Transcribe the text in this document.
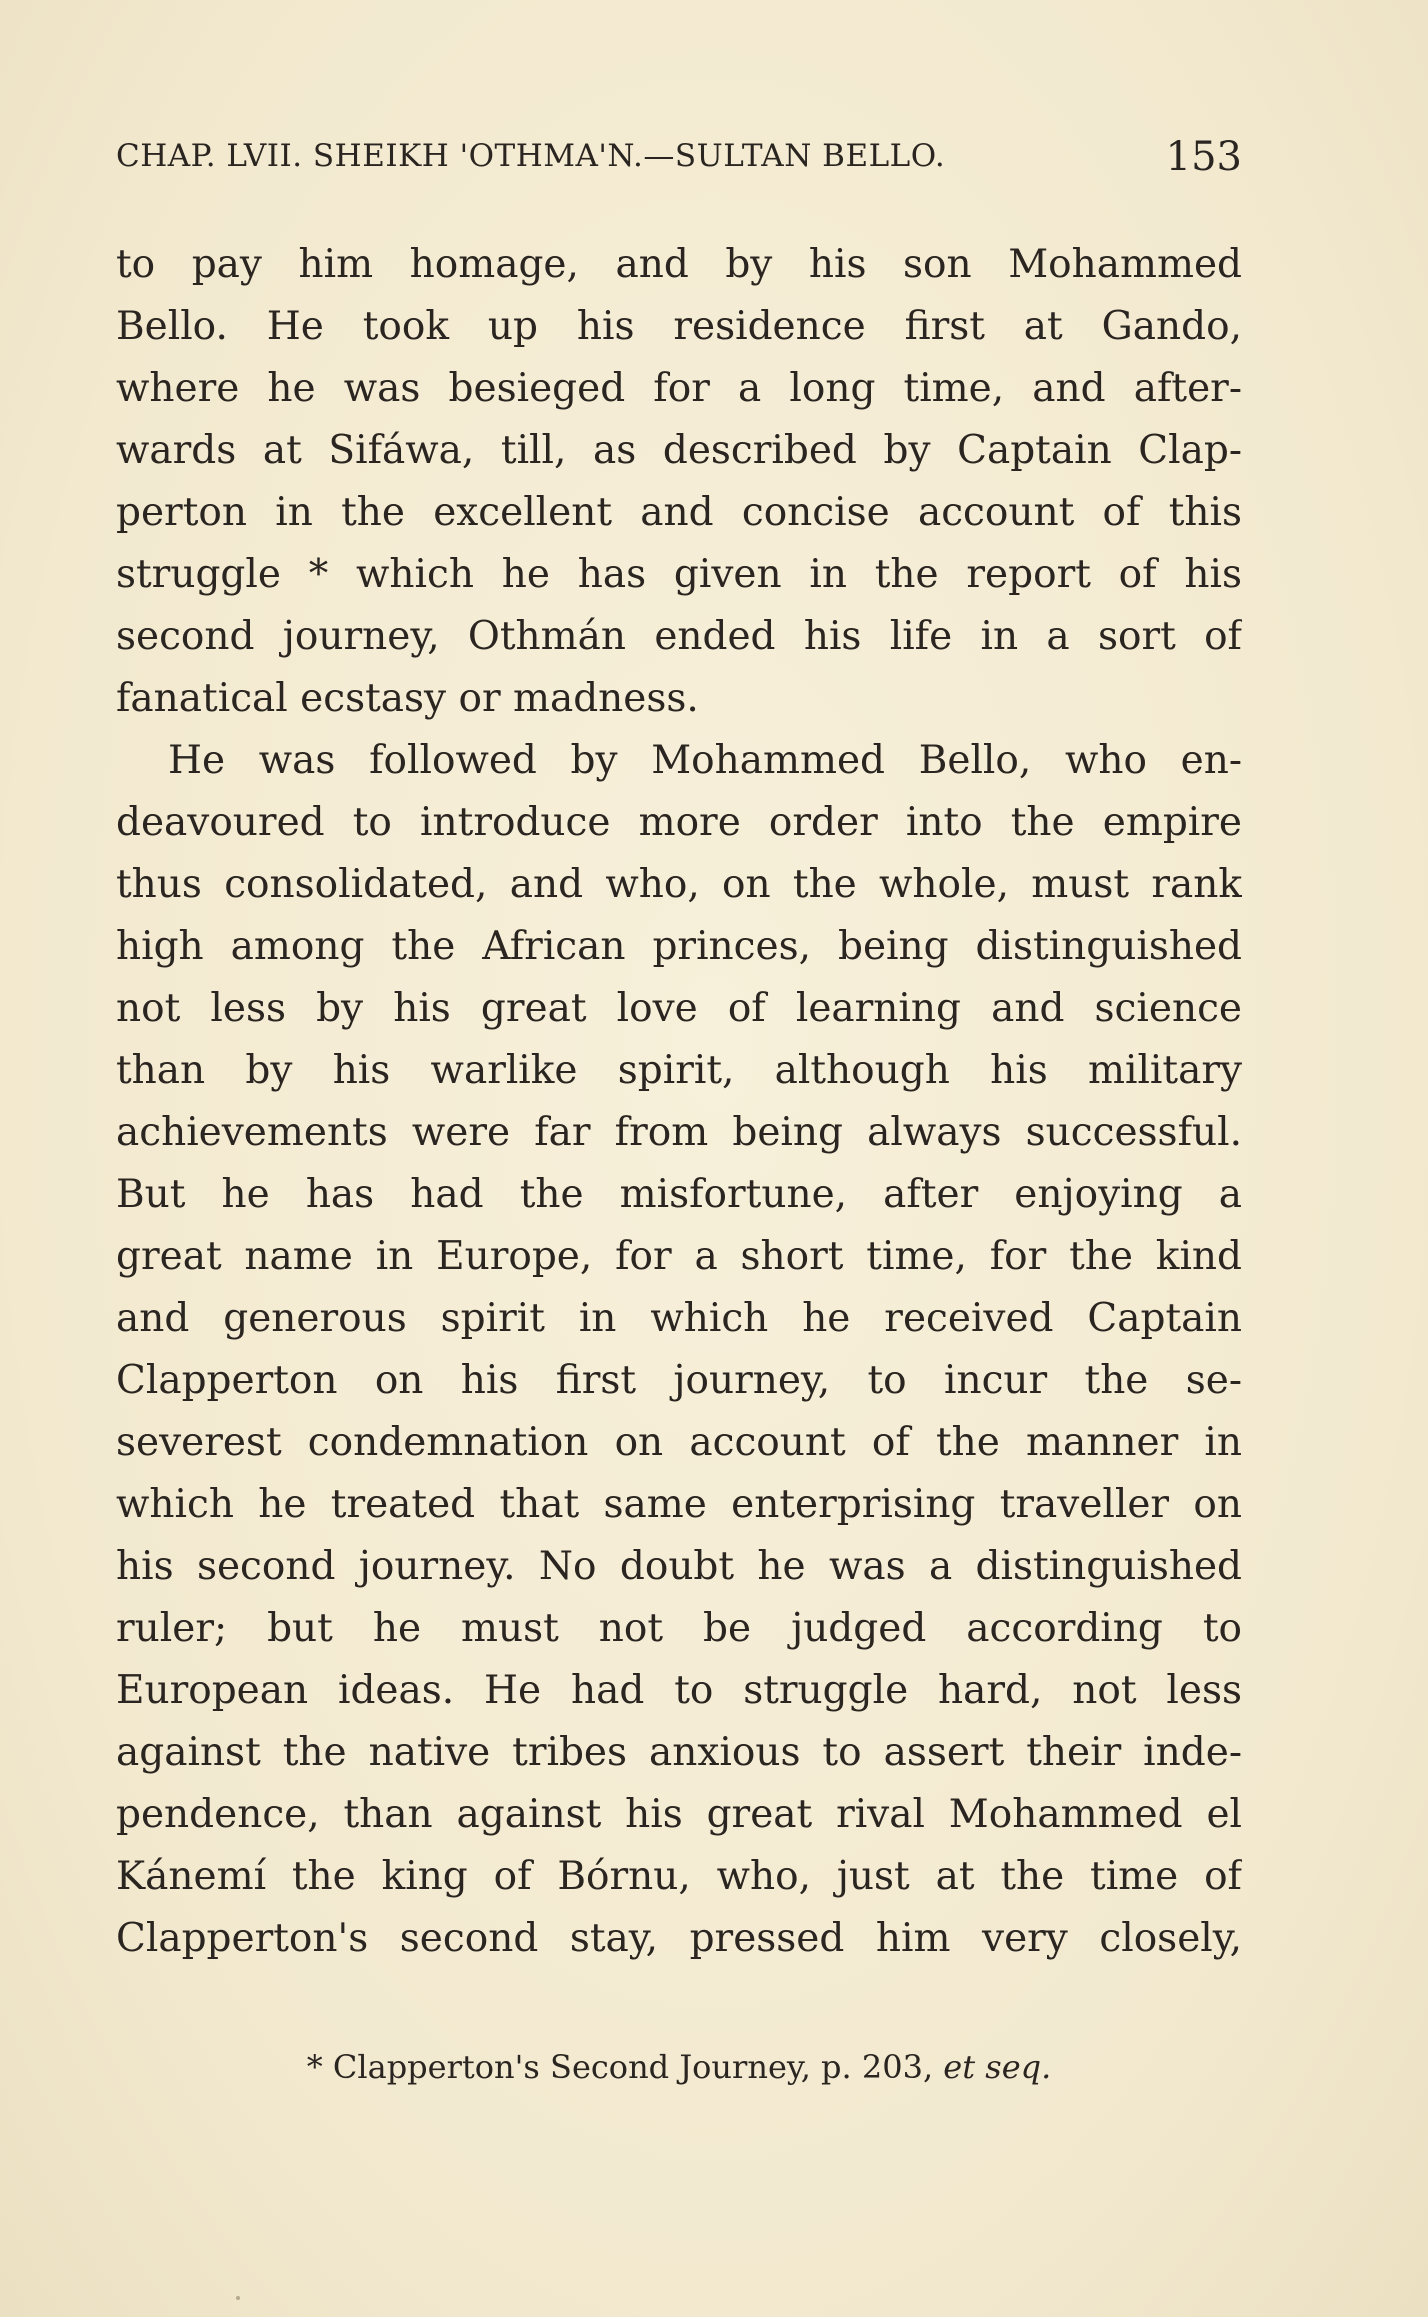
CHAP. LVII. SHEIKH 'OTHMA'N.—SULTAN BELLO.	153
to pay him homage, and by his son Mohammed
Bello. He took up his residence first at Gando,
where he was besieged for a long time, and after-
wards at Sifáwa, till, as described by Captain Clap-
perton in the excellent and concise account of this
struggle * which he has given in the report of his
second journey, Othmán ended his life in a sort of
fanatical ecstasy or madness.
He was followed by Mohammed Bello, who en-
deavoured to introduce more order into the empire
thus consolidated, and who, on the whole, must rank
high among the African princes, being distinguished
not less by his great love of learning and science
than by his warlike spirit, although his military
achievements were far from being always successful.
But he has had the misfortune, after enjoying a
great name in Europe, for a short time, for the kind
and generous spirit in which he received Captain
Clapperton on his first journey, to incur the se-
severest condemnation on account of the manner in
which he treated that same enterprising traveller on
his second journey. No doubt he was a distinguished
ruler; but he must not be judged according to
European ideas. He had to struggle hard, not less
against the native tribes anxious to assert their inde-
pendence, than against his great rival Mohammed el
Kánemí the king of Bórnu, who, just at the time of
Clapperton's second stay, pressed him very closely,
* Clapperton's Second Journey, p. 203, et seq.
